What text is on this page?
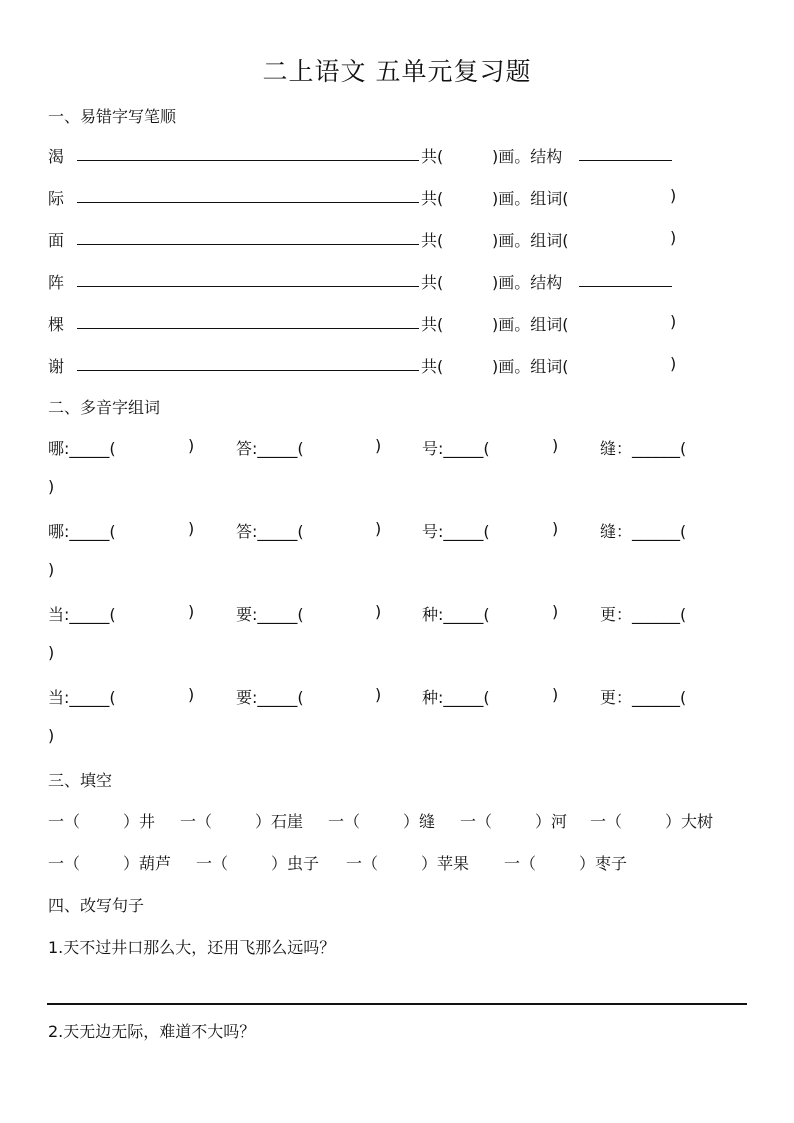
二上语文 五单元复习题
一、易错字写笔顺
渴	共(	)画。结构
际	共(	)画。组词(	)
面	共(	)画。组词(	)
阵	共(	)画。结构
棵	共(	)画。组词(	)
谢	共(	)画。组词(	)
二、多音字组词
哪:_____(	)	答:_____(	)	号:_____(	)	缝：______(
)
哪:_____(	)	答:_____(	)	号:_____(	)	缝：______(
)
当:_____(	)	要:_____(	)	种:_____(	)	更：______(
)
当:_____(	)	要:_____(	)	种:_____(	)	更：______(
)
三、填空
一（	）井 一（	）石崖 一（	）缝 一（	）河 一（	）大树
一（	）葫芦 一（	）虫子 一（	）苹果 一（	）枣子
四、改写句子
1.天不过井口那么大，还用飞那么远吗？
2.天无边无际，难道不大吗？
